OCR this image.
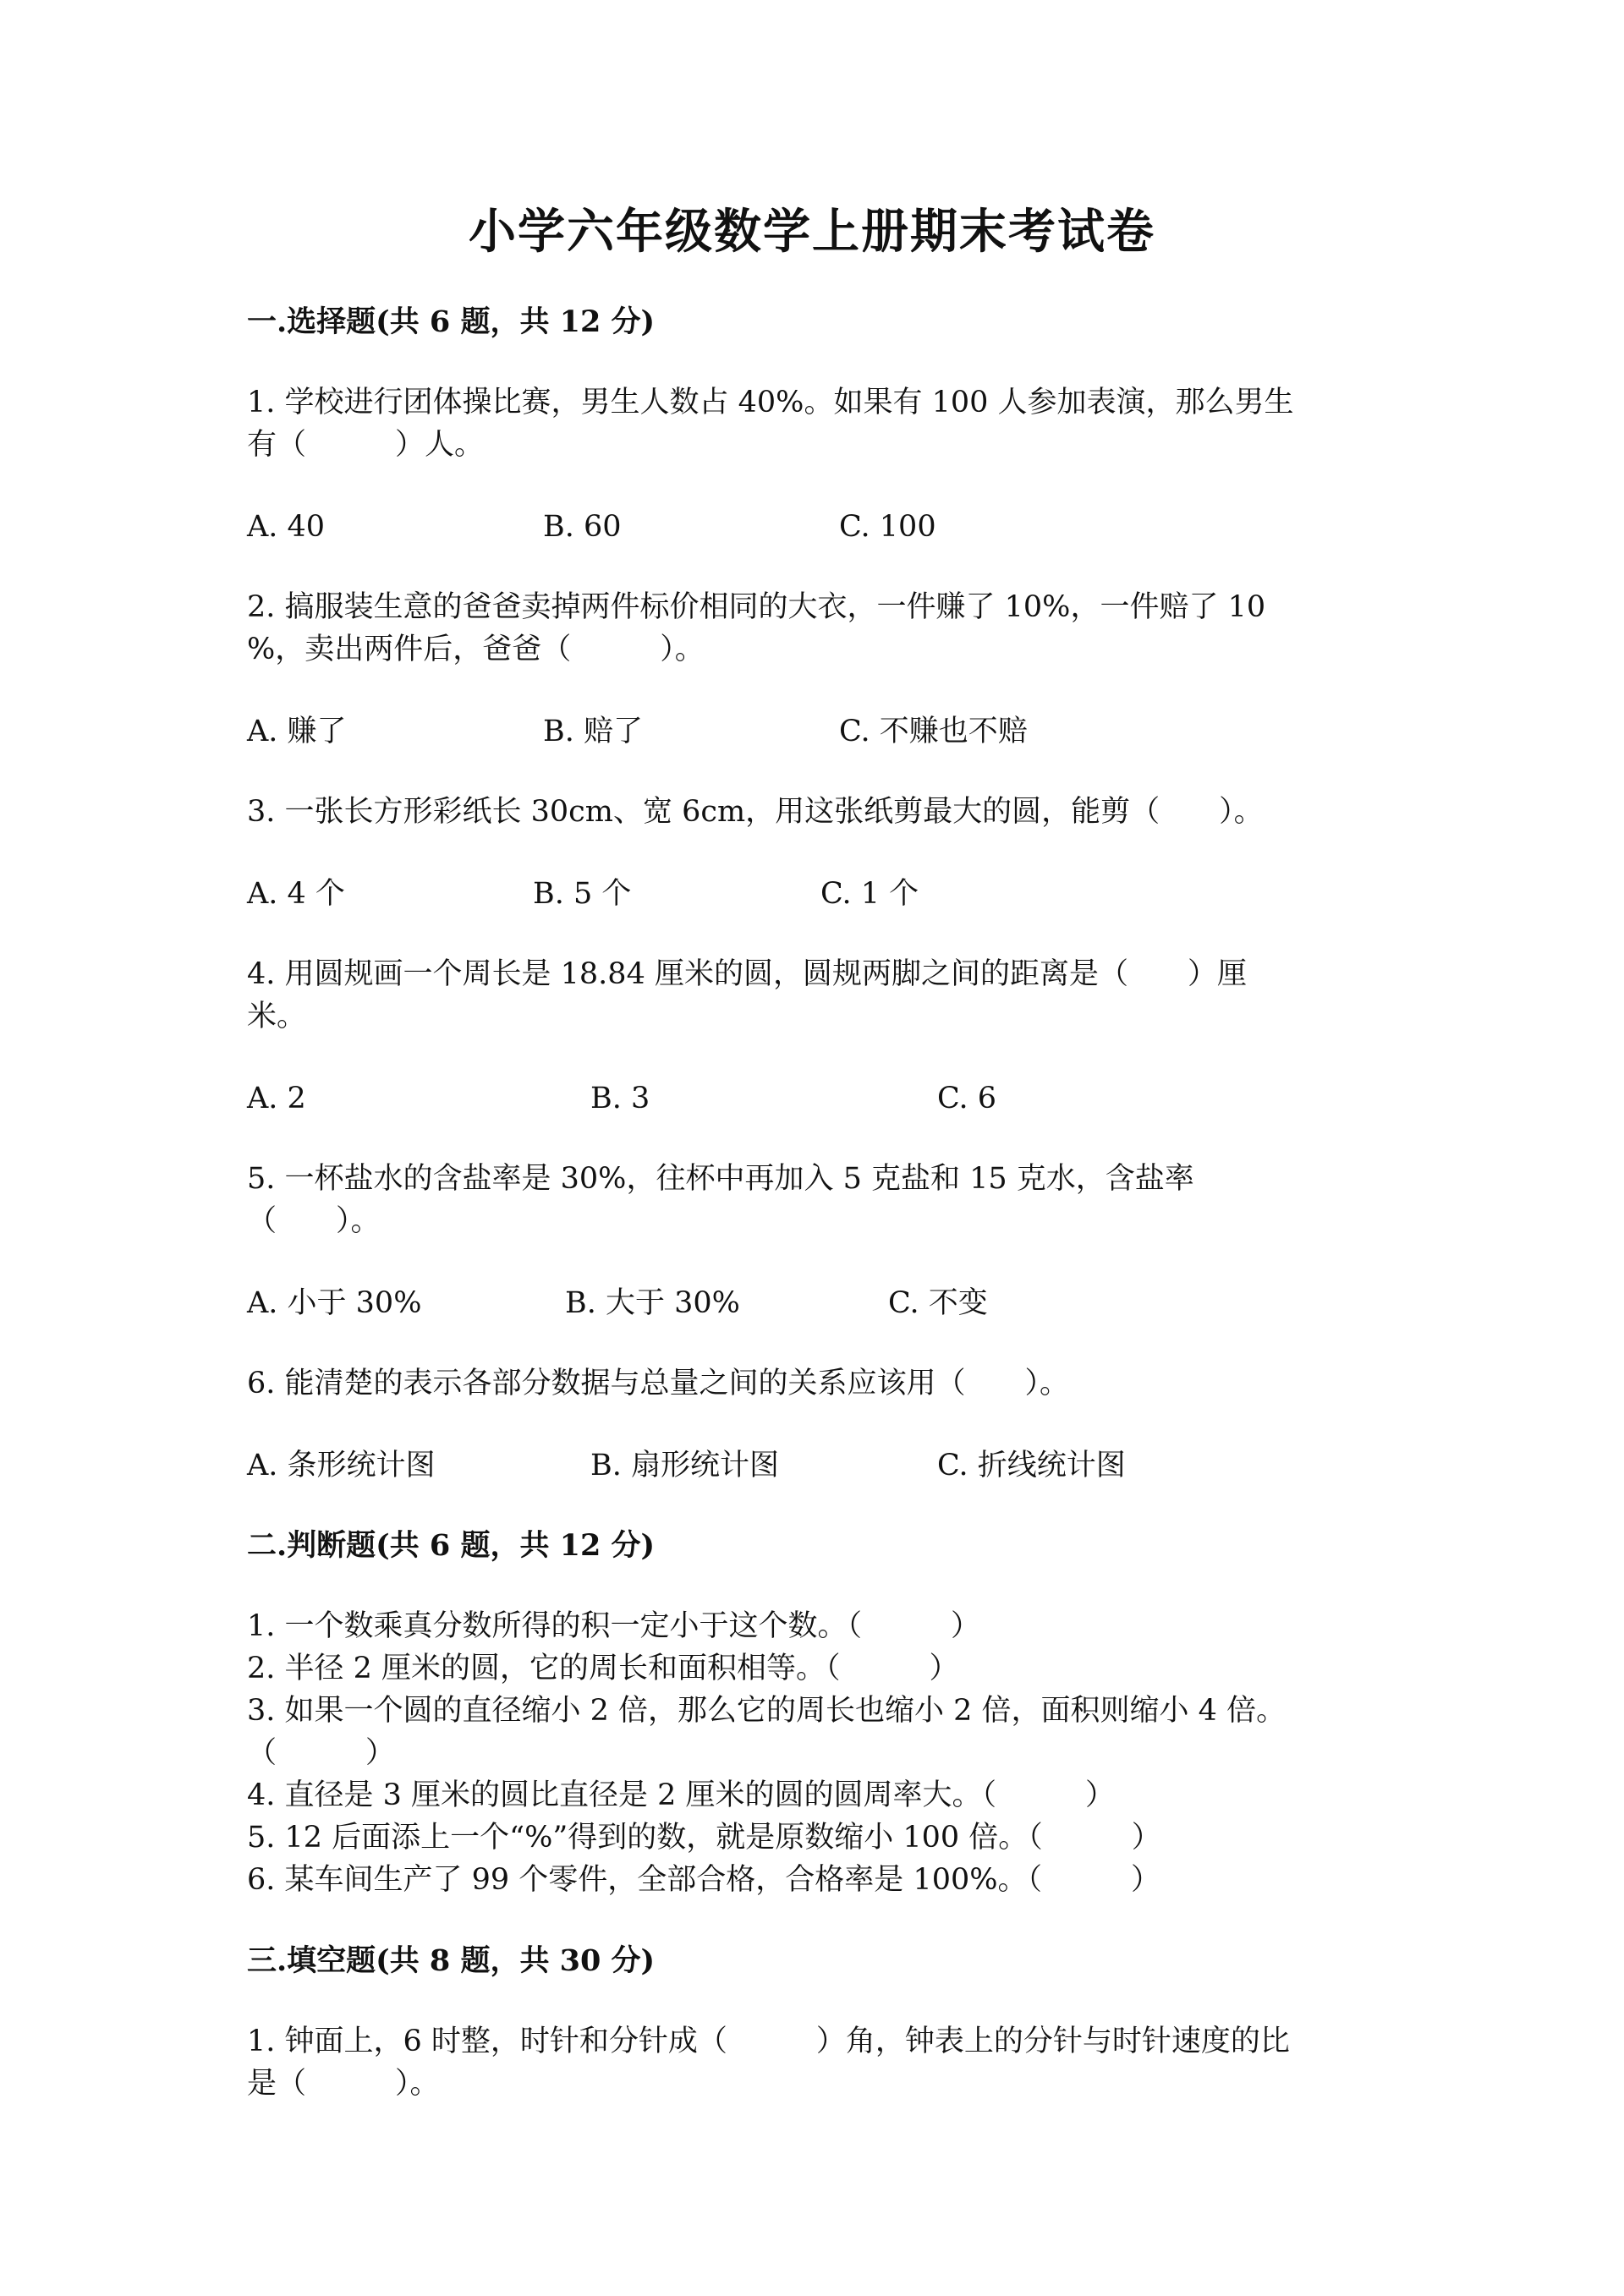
小学六年级数学上册期末考试卷
一.选择题(共 6 题，共 12 分)
1. 学校进行团体操比赛，男生人数占 40%。如果有 100 人参加表演，那么男生
有（　　　）人。
A. 40	B. 60	C. 100
2. 搞服装生意的爸爸卖掉两件标价相同的大衣，一件赚了 10%，一件赔了 10
%，卖出两件后，爸爸（　　　）。
A. 赚了	B. 赔了	C. 不赚也不赔
3. 一张长方形彩纸长 30cm、宽 6cm，用这张纸剪最大的圆，能剪（　　）。
A. 4 个	B. 5 个	C. 1 个
4. 用圆规画一个周长是 18.84 厘米的圆，圆规两脚之间的距离是（　　）厘
米。
A. 2	B. 3	C. 6
5. 一杯盐水的含盐率是 30%，往杯中再加入 5 克盐和 15 克水，含盐率
（　　）。
A. 小于 30%	B. 大于 30%	C. 不变
6. 能清楚的表示各部分数据与总量之间的关系应该用（　　）。
A. 条形统计图	B. 扇形统计图	C. 折线统计图
二.判断题(共 6 题，共 12 分)
1. 一个数乘真分数所得的积一定小于这个数。（　　　）
2. 半径 2 厘米的圆，它的周长和面积相等。（　　　）
3. 如果一个圆的直径缩小 2 倍，那么它的周长也缩小 2 倍，面积则缩小 4 倍。
（　　　）
4. 直径是 3 厘米的圆比直径是 2 厘米的圆的圆周率大。（　　　）
5. 12 后面添上一个“%”得到的数，就是原数缩小 100 倍。（　　　）
6. 某车间生产了 99 个零件，全部合格，合格率是 100%。（　　　）
三.填空题(共 8 题，共 30 分)
1. 钟面上，6 时整，时针和分针成（　　　）角，钟表上的分针与时针速度的比
是（　　　）。
